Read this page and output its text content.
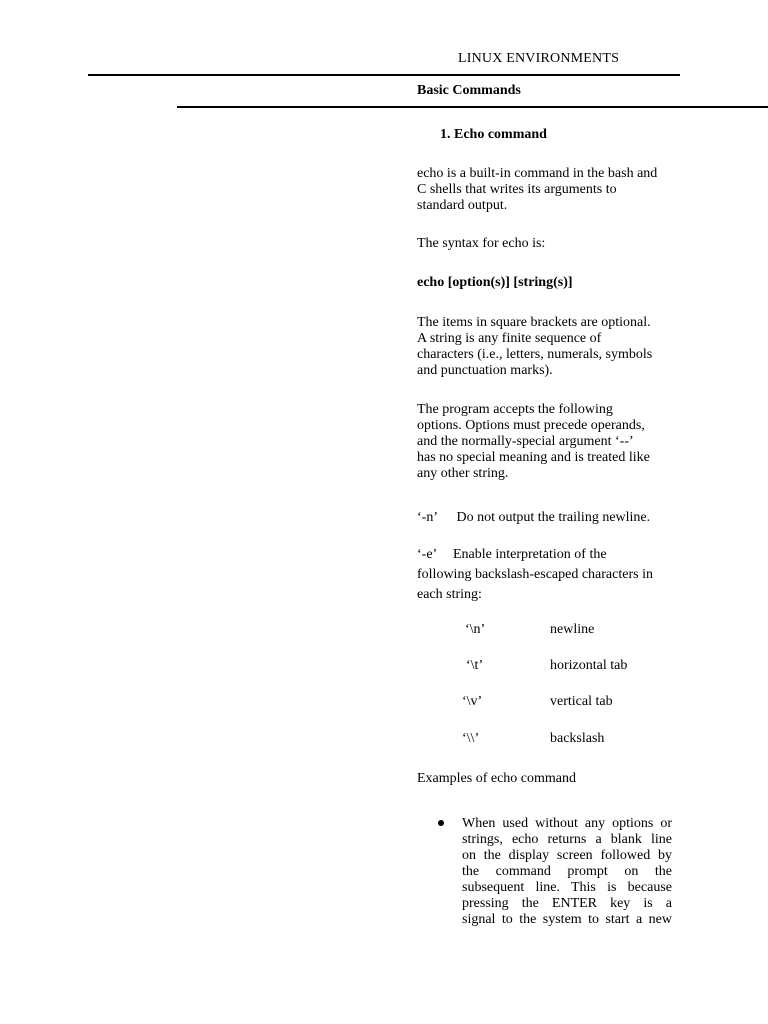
LINUX ENVIRONMENTS
Basic Commands
1. Echo command
echo is a built-in command in the bash and
C shells that writes its arguments to
standard output.
The syntax for echo is:
echo [option(s)] [string(s)]
The items in square brackets are optional.
A string is any finite sequence of
characters (i.e., letters, numerals, symbols
and punctuation marks).
The program accepts the following
options. Options must precede operands,
and the normally-special argument ‘--’
has no special meaning and is treated like
any other string.
‘-n’ Do not output the trailing newline.
‘-e’ Enable interpretation of the
following backslash-escaped characters in
each string:
‘\n’	newline
‘\t’	horizontal tab
‘\v’	vertical tab
‘\\’	backslash
Examples of echo command
When used without any options or
strings, echo returns a blank line
on the display screen followed by
the command prompt on the
subsequent line. This is because
pressing the ENTER key is a
signal to the system to start a new
